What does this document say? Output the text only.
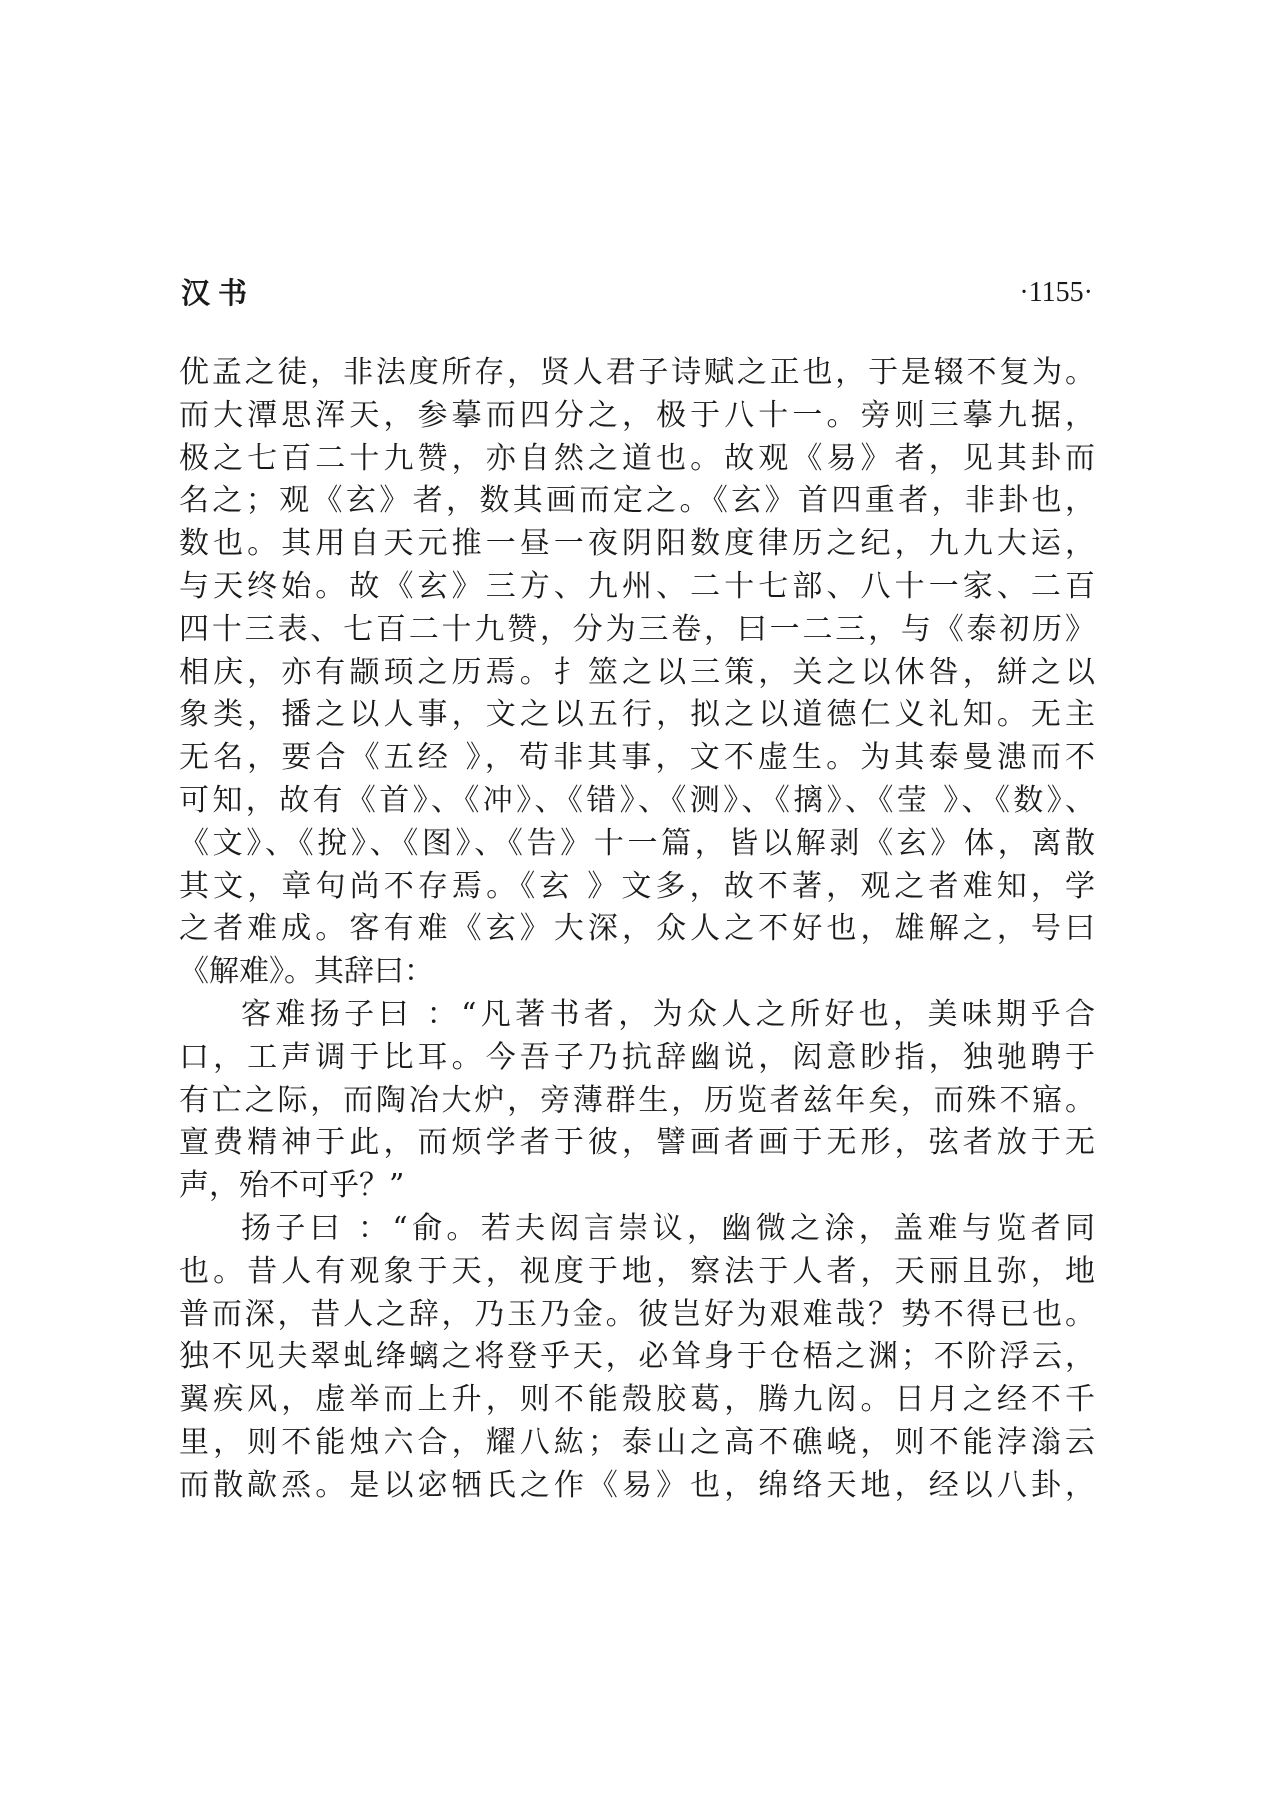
汉书	·1155·
优孟之徒，非法度所存，贤人君子诗赋之正也，于是辍不复为。
而大潭思浑天，参摹而四分之，极于八十一。旁则三摹九据，
极之七百二十九赞，亦自然之道也。故观《易》者，见其卦而
名之；观《玄》者，数其画而定之。《玄》首四重者，非卦也，
数也。其用自天元推一昼一夜阴阳数度律历之纪，九九大运，
与天终始。故《玄》三方、九州、二十七部、八十一家、二百
四十三表、七百二十九赞，分为三卷，曰一二三，与《泰初历》
相庆，亦有颛顼之历焉。扌筮之以三策，关之以休咎，絣之以
象类，播之以人事，文之以五行，拟之以道德仁义礼知。无主
无名，要合《五经 》，苟非其事，文不虚生。为其泰曼漶而不
可知，故有《首》、《冲》、《错》、《测》、《摛》、《莹 》、《数》、
《文》、《挩》、《图》、《告》十一篇，皆以解剥《玄》体，离散
其文，章句尚不存焉。《玄 》文多，故不著，观之者难知，学
之者难成。客有难《玄》大深，众人之不好也，雄解之，号曰
《解难》。其辞曰：
客难扬子曰 ：“凡著书者，为众人之所好也，美味期乎合
口，工声调于比耳。今吾子乃抗辞幽说，闳意眇指，独驰聘于
有亡之际，而陶冶大炉，旁薄群生，历览者兹年矣，而殊不寤。
亶费精神于此，而烦学者于彼，譬画者画于无形，弦者放于无
声，殆不可乎？”
扬子曰 ：“俞。若夫闳言崇议，幽微之涂，盖难与览者同
也。昔人有观象于天，视度于地，察法于人者，天丽且弥，地
普而深，昔人之辞，乃玉乃金。彼岂好为艰难哉？势不得已也。
独不见夫翠虬绛螭之将登乎天，必耸身于仓梧之渊；不阶浮云，
翼疾风，虚举而上升，则不能殼胶葛，腾九闳。日月之经不千
里，则不能烛六合，耀八紘；泰山之高不礁峣，则不能浡滃云
而散歊烝。是以宓牺氏之作《易》也，绵络天地，经以八卦，
